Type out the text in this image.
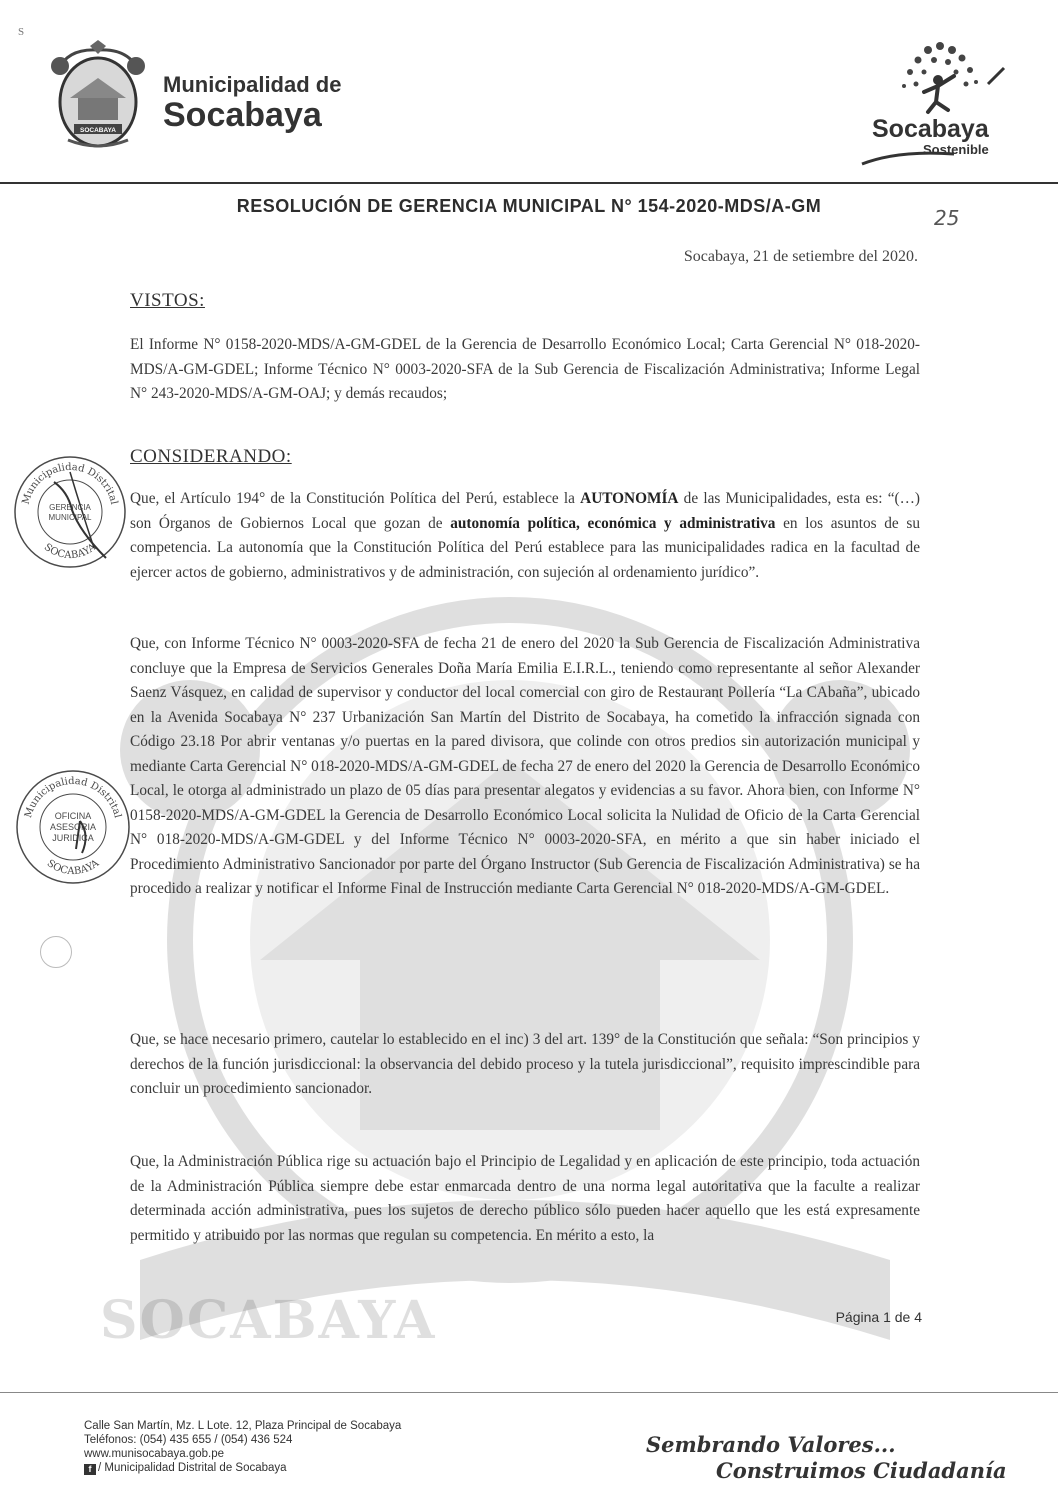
SOCABAYA
S
SOCABAYA
Municipalidad de
Socabaya	Socabaya
Sostenible
RESOLUCIÓN DE GERENCIA MUNICIPAL N° 154-2020-MDS/A-GM	25
Socabaya, 21 de setiembre del 2020.
VISTOS:
El Informe N° 0158-2020-MDS/A-GM-GDEL de la Gerencia de Desarrollo Económico Local; Carta Gerencial N° 018-2020-MDS/A-GM-GDEL; Informe Técnico N° 0003-2020-SFA de la Sub Gerencia de Fiscalización Administrativa; Informe Legal N° 243-2020-MDS/A-GM-OAJ; y demás recaudos;
CONSIDERANDO:
Que, el Artículo 194° de la Constitución Política del Perú, establece la AUTONOMÍA de las Municipalidades, esta es: “(…) son Órganos de Gobiernos Local que gozan de autonomía política, económica y administrativa en los asuntos de su competencia. La autonomía que la Constitución Política del Perú establece para las municipalidades radica en la facultad de ejercer actos de gobierno, administrativos y de administración, con sujeción al ordenamiento jurídico”.
Que, con Informe Técnico N° 0003-2020-SFA de fecha 21 de enero del 2020 la Sub Gerencia de Fiscalización Administrativa concluye que la Empresa de Servicios Generales Doña María Emilia E.I.R.L., teniendo como representante al señor Alexander Saenz Vásquez, en calidad de supervisor y conductor del local comercial con giro de Restaurant Pollería “La CAbaña”, ubicado en la Avenida Socabaya N° 237 Urbanización San Martín del Distrito de Socabaya, ha cometido la infracción signada con Código 23.18 Por abrir ventanas y/o puertas en la pared divisora, que colinde con otros predios sin autorización municipal y mediante Carta Gerencial N° 018-2020-MDS/A-GM-GDEL de fecha 27 de enero del 2020 la Gerencia de Desarrollo Económico Local, le otorga al administrado un plazo de 05 días para presentar alegatos y evidencias a su favor. Ahora bien, con Informe N° 0158-2020-MDS/A-GM-GDEL la Gerencia de Desarrollo Económico Local solicita la Nulidad de Oficio de la Carta Gerencial N° 018-2020-MDS/A-GM-GDEL y del Informe Técnico N° 0003-2020-SFA, en mérito a que sin haber iniciado el Procedimiento Administrativo Sancionador por parte del Órgano Instructor (Sub Gerencia de Fiscalización Administrativa) se ha procedido a realizar y notificar el Informe Final de Instrucción mediante Carta Gerencial N° 018-2020-MDS/A-GM-GDEL.
Que, se hace necesario primero, cautelar lo establecido en el inc) 3 del art. 139° de la Constitución que señala: “Son principios y derechos de la función jurisdiccional: la observancia del debido proceso y la tutela jurisdiccional”, requisito imprescindible para concluir un procedimiento sancionador.
Que, la Administración Pública rige su actuación bajo el Principio de Legalidad y en aplicación de este principio, toda actuación de la Administración Pública siempre debe estar enmarcada dentro de una norma legal autoritativa que la faculte a realizar determinada acción administrativa, pues los sujetos de derecho público sólo pueden hacer aquello que les está expresamente permitido y atribuido por las normas que regulan su competencia. En mérito a esto, la
Municipalidad Distrital
SOCABAYA
GERENCIA
MUNICIPAL
Municipalidad Distrital
SOCABAYA
OFICINA
ASESORIA
JURIDICA
Página 1 de 4
Calle San Martín, Mz. L Lote. 12, Plaza Principal de Socabaya
Teléfonos: (054) 435 655 / (054) 436 524
www.munisocabaya.gob.pe
f / Municipalidad Distrital de Socabaya
Sembrando Valores...
Construimos Ciudadanía
